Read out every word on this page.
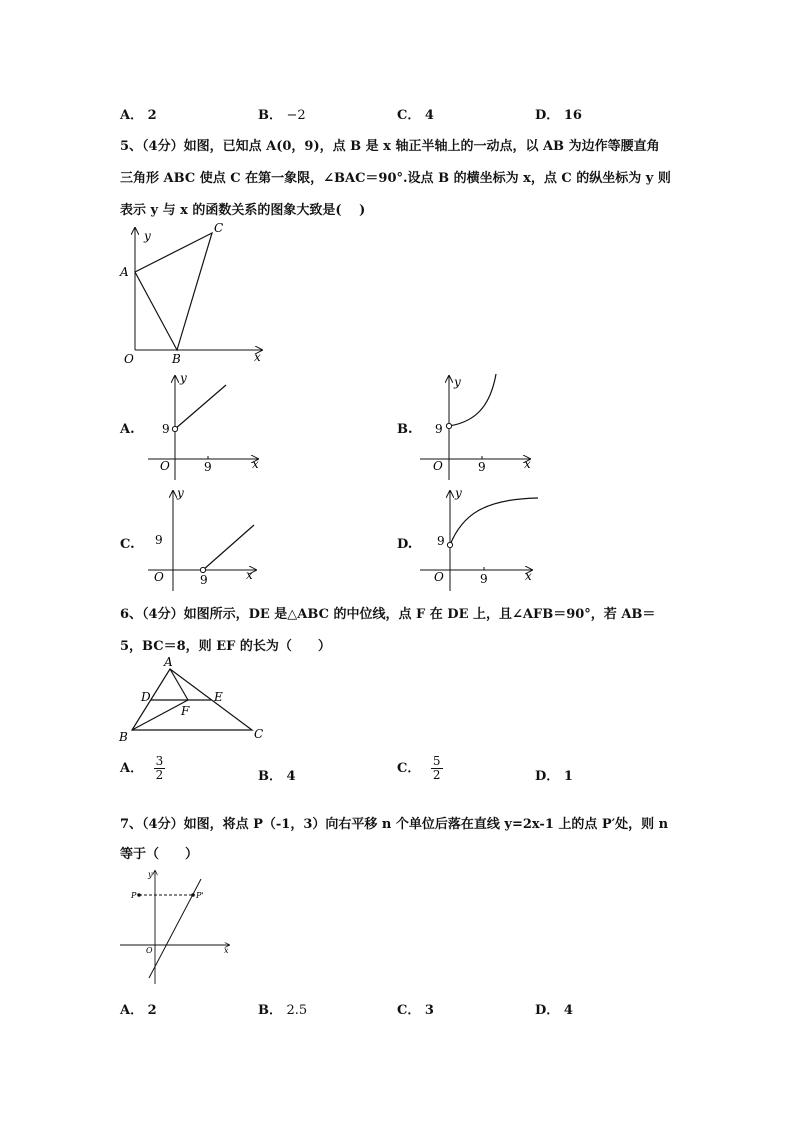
A． 2	B． −2	C． 4	D． 16
5、（4分）如图，已知点 A(0，9)，点 B 是 x 轴正半轴上的一动点，以 AB 为边作等腰直角
三角形 ABC 使点 C 在第一象限，∠BAC＝90°.设点 B 的横坐标为 x，点 C 的纵坐标为 y 则
表示 y 与 x 的函数关系的图象大致是(　 )
y
x
O
A
B
C
A. 9
9
O	x
y
B. 9
9
O	x
y
C. 9
9
O	x
y
D. 9
9
O	x
y
6、（4分）如图所示，DE 是△ABC 的中位线，点 F 在 DE 上，且∠AFB＝90°，若 AB＝
5，BC＝8，则 EF 的长为（　　）
A
B	C
D	E
F
A． $\frac{3}{2}$	B． 4
C． $\frac{5}{2}$	D． 1
7、（4分）如图，将点 P（-1，3）向右平移 n 个单位后落在直线 y=2x-1 上的点 P′处，则 n
等于（　　）
P	P'
y
x
O
A． 2	B． 2.5	C． 3	D． 4
